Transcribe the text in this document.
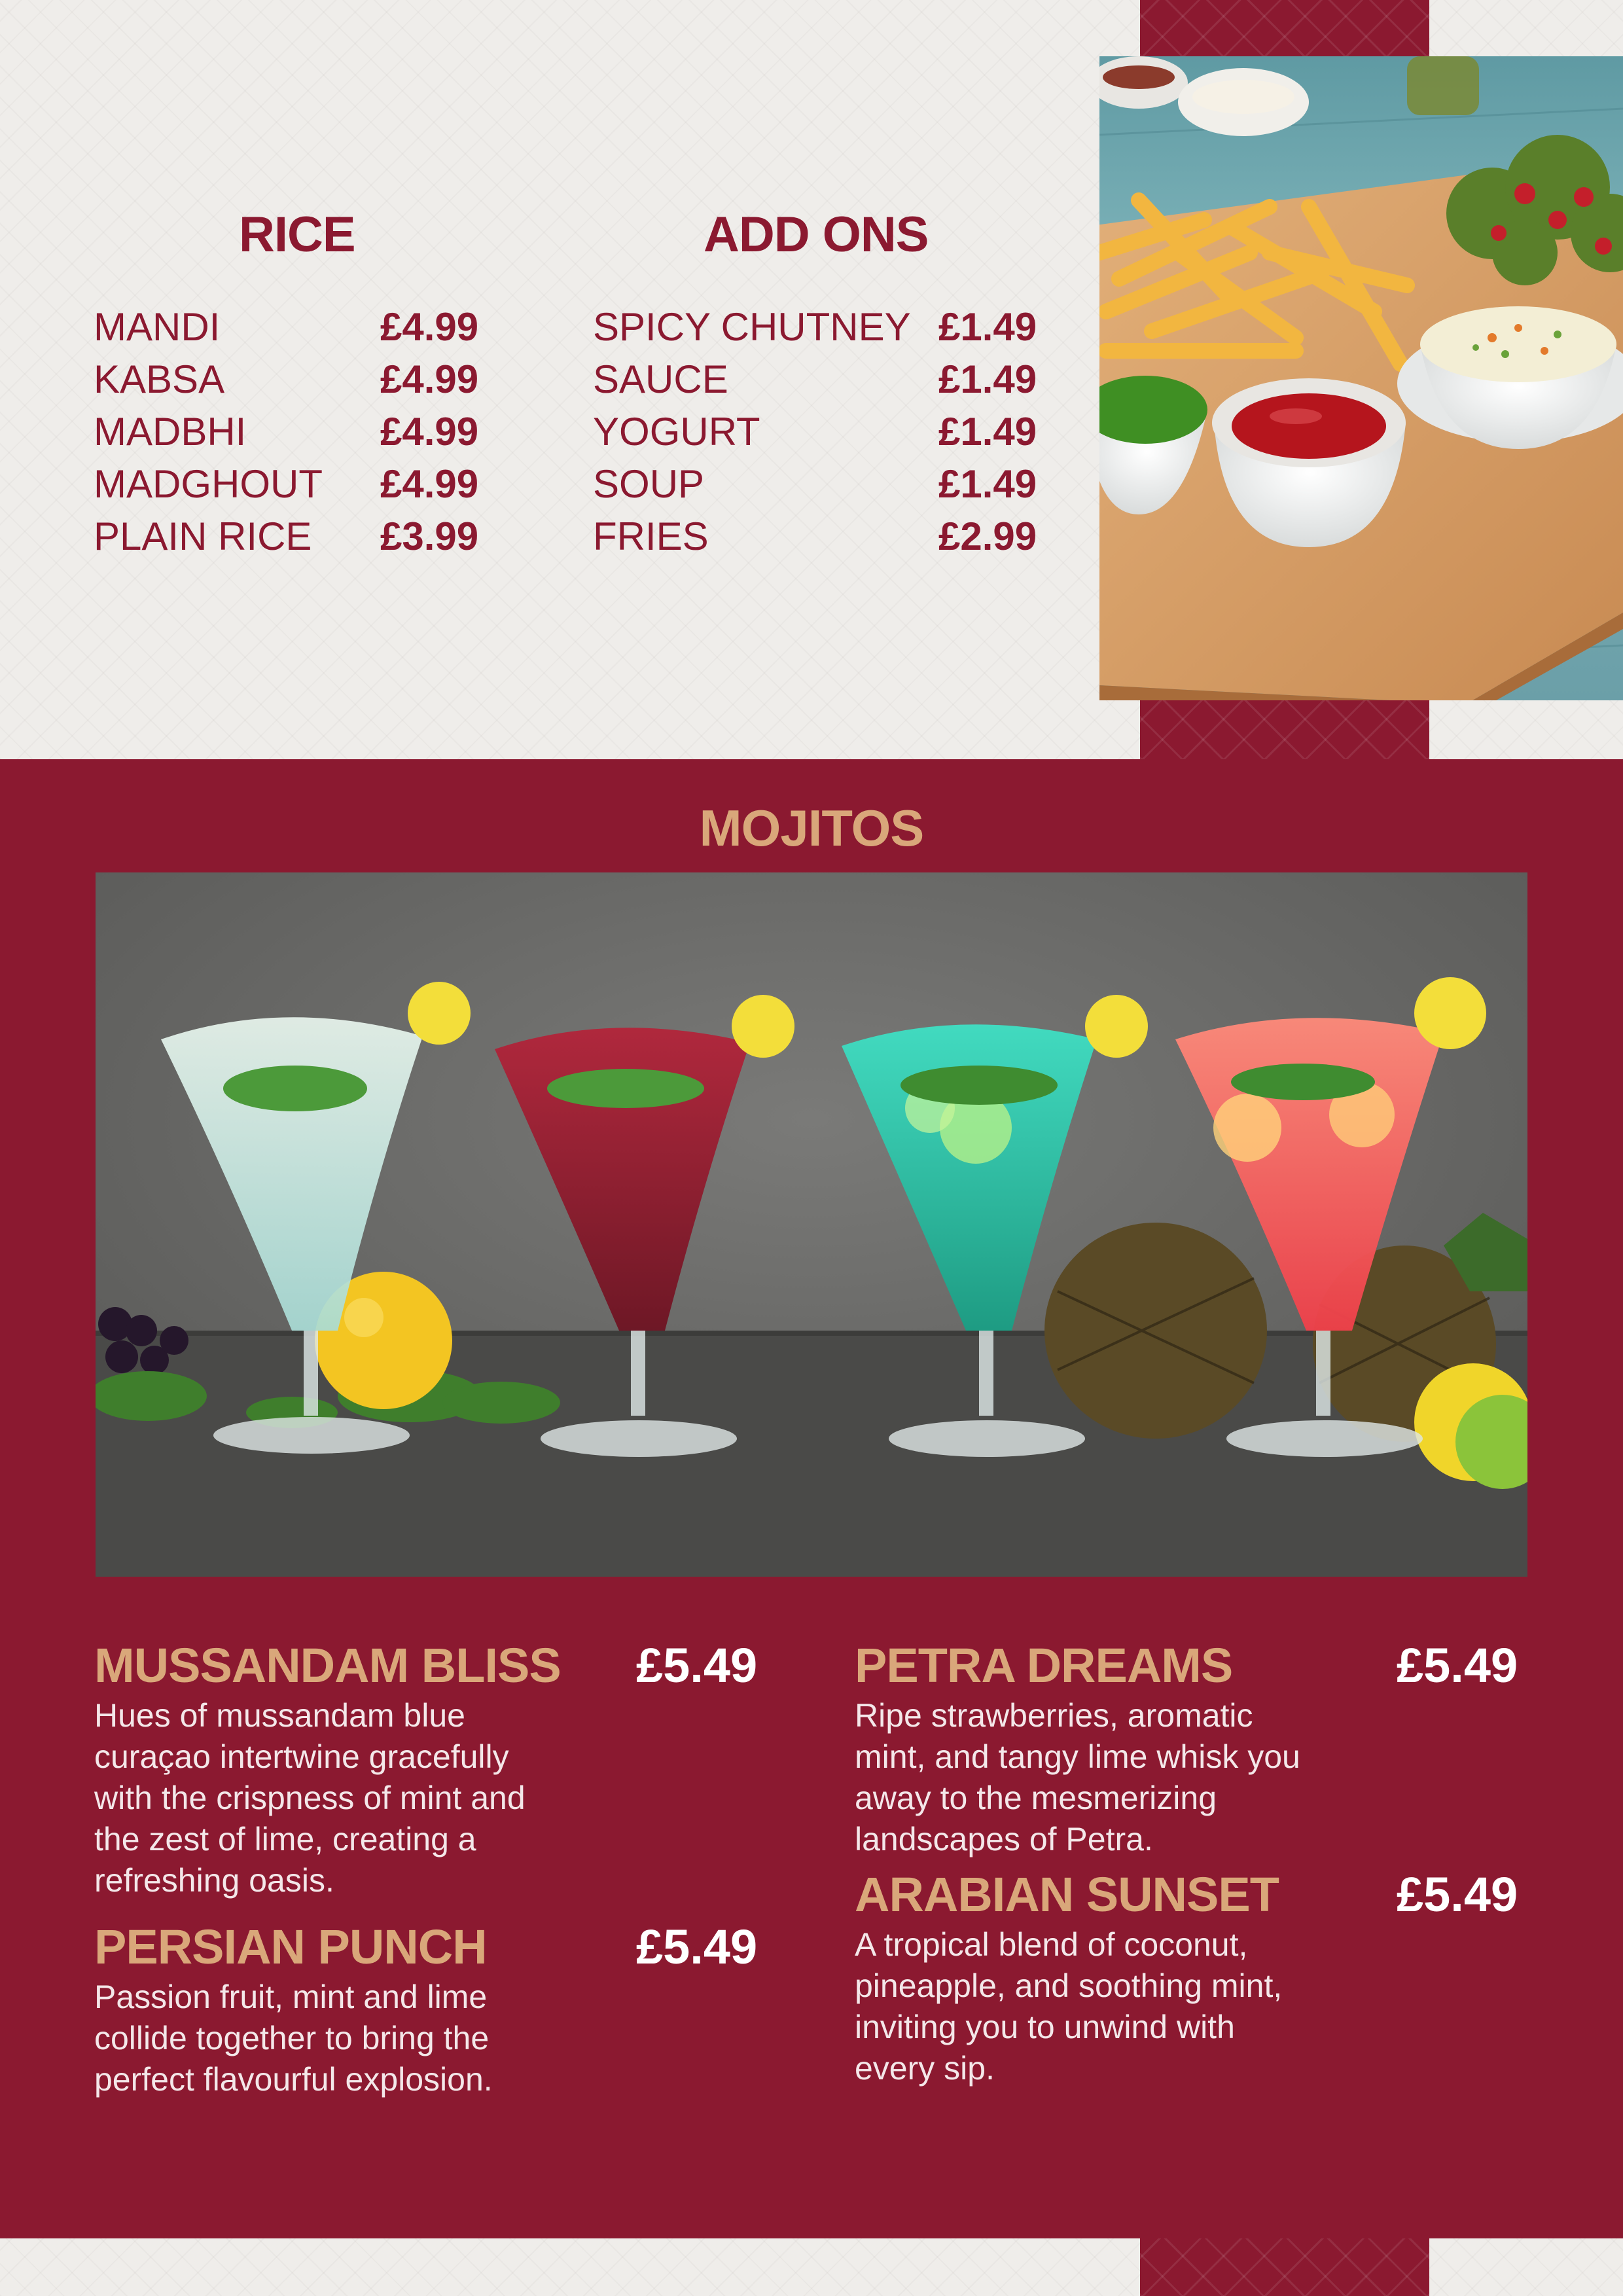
RICE
MANDI	£4.99
KABSA	£4.99
MADBHI	£4.99
MADGHOUT £4.99
PLAIN RICE £3.99
ADD ONS
SPICY CHUTNEY £1.49
SAUCE	£1.49
YOGURT	£1.49
SOUP	£1.49
FRIES	£2.99
MOJITOS
MUSSANDAM BLISS £5.49

Hues of mussandam blue
curaçao intertwine gracefully
with the crispness of mint and
the zest of lime, creating a
refreshing oasis.

PERSIAN PUNCH	£5.49

Passion fruit, mint and lime
collide together to bring the
perfect flavourful explosion.

PETRA DREAMS	£5.49

Ripe strawberries, aromatic
mint, and tangy lime whisk you
away to the mesmerizing
landscapes of Petra.

ARABIAN SUNSET £5.49

A tropical blend of coconut,
pineapple, and soothing mint,
inviting you to unwind with
every sip.
